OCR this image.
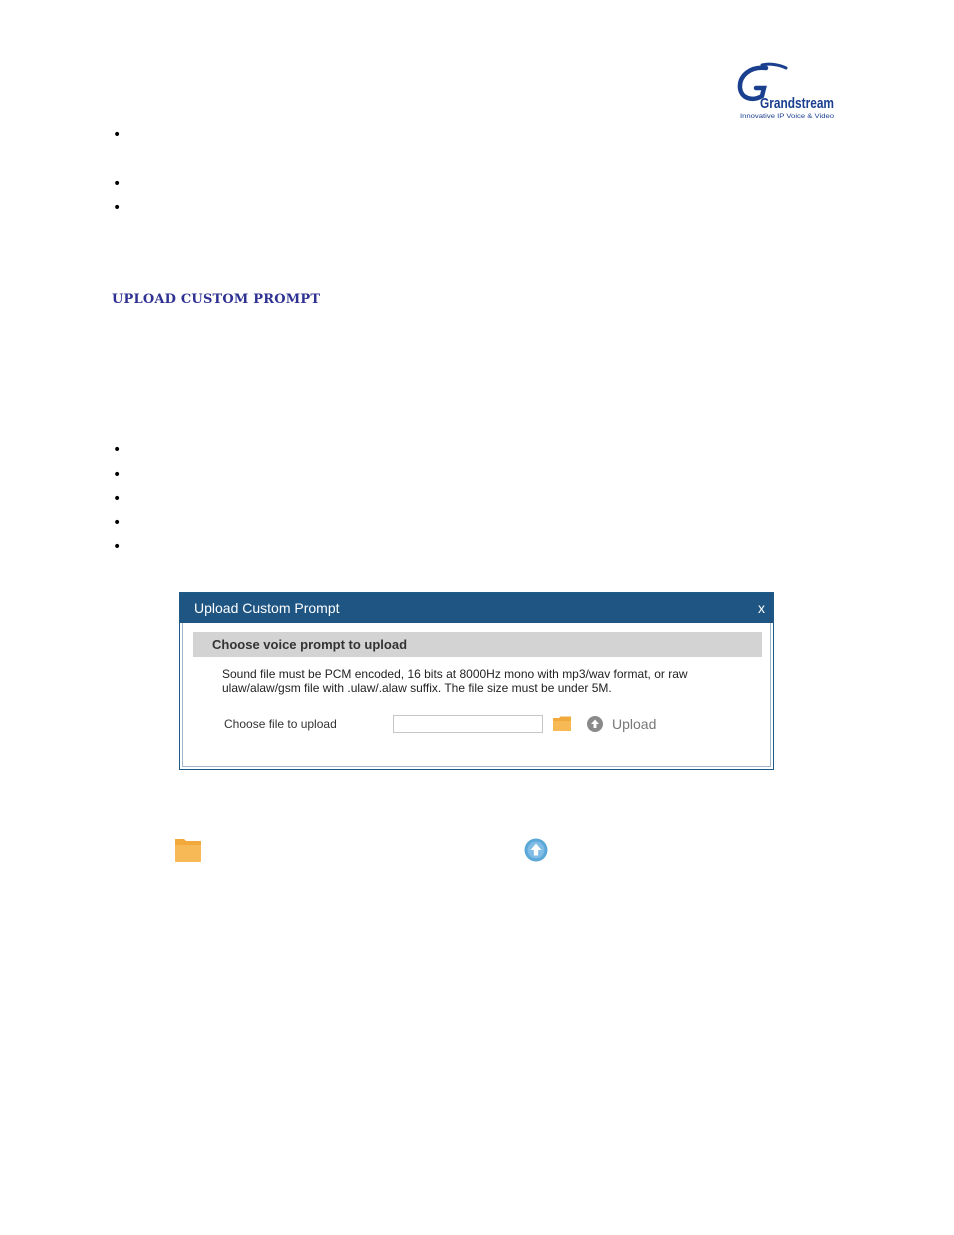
Grandstream
Innovative IP Voice & Video
•
•
•
UPLOAD CUSTOM PROMPT
•
•
•
•
•
Upload Custom Prompt	x
Choose voice prompt to upload
Sound file must be PCM encoded, 16 bits at 8000Hz mono with mp3/wav format, or raw
ulaw/alaw/gsm file with .ulaw/.alaw suffix. The file size must be under 5M.
Choose file to upload	Upload
